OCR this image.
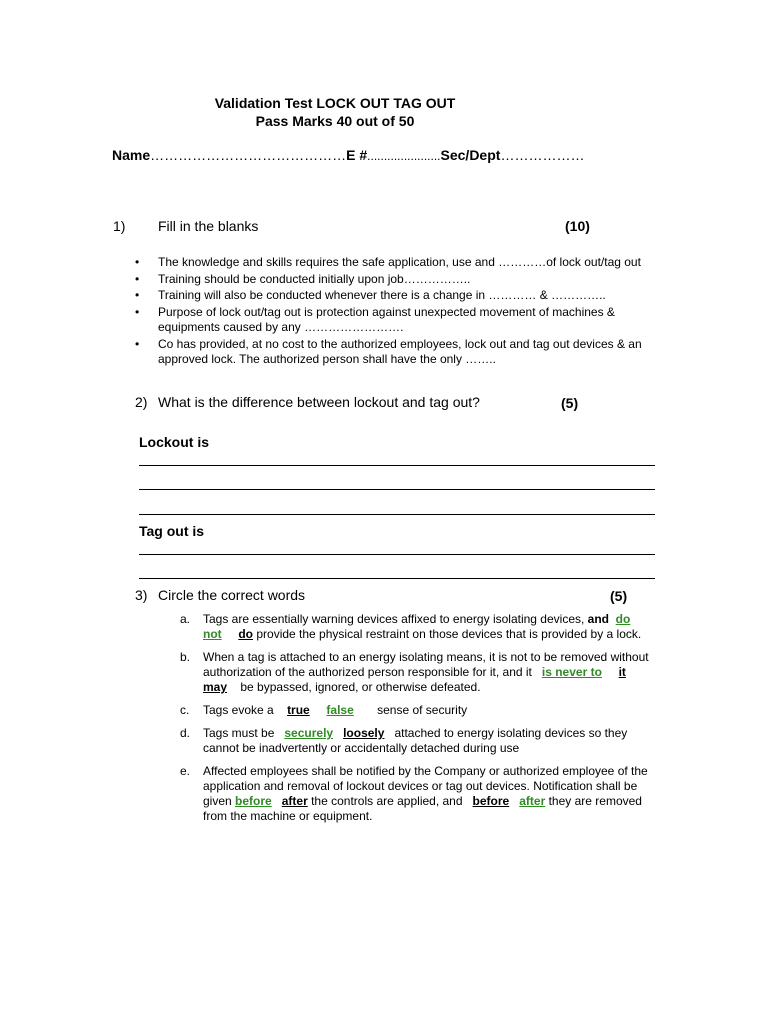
Validation Test LOCK OUT TAG OUT
Pass Marks 40 out of 50
Name……………………………………E #......................Sec/Dept………………
1) Fill in the blanks	(10)
• The knowledge and skills requires the safe application, use and …………of lock out/tag out
• Training should be conducted initially upon job……………..
• Training will also be conducted whenever there is a change in ………… & …………..
• Purpose of lock out/tag out is protection against unexpected movement of machines & equipments caused by any …………………….
• Co has provided, at no cost to the authorized employees, lock out and tag out devices & an approved lock. The authorized person shall have the only ……..
2) What is the difference between lockout and tag out?	(5)
Lockout is
Tag out is
3) Circle the correct words	(5)
a. Tags are essentially warning devices affixed to energy isolating devices, and do not do provide the physical restraint on those devices that is provided by a lock.
b. When a tag is attached to an energy isolating means, it is not to be removed without authorization of the authorized person responsible for it, and it   is never to it may be bypassed, ignored, or otherwise defeated.
c. Tags evoke a    true false sense of security
d. Tags must be   securely loosely attached to energy isolating devices so they cannot be inadvertently or accidentally detached during use
e. Affected employees shall be notified by the Company or authorized employee of the application and removal of lockout devices or tag out devices. Notification shall be given before after the controls are applied, and   before after they are removed from the machine or equipment.
